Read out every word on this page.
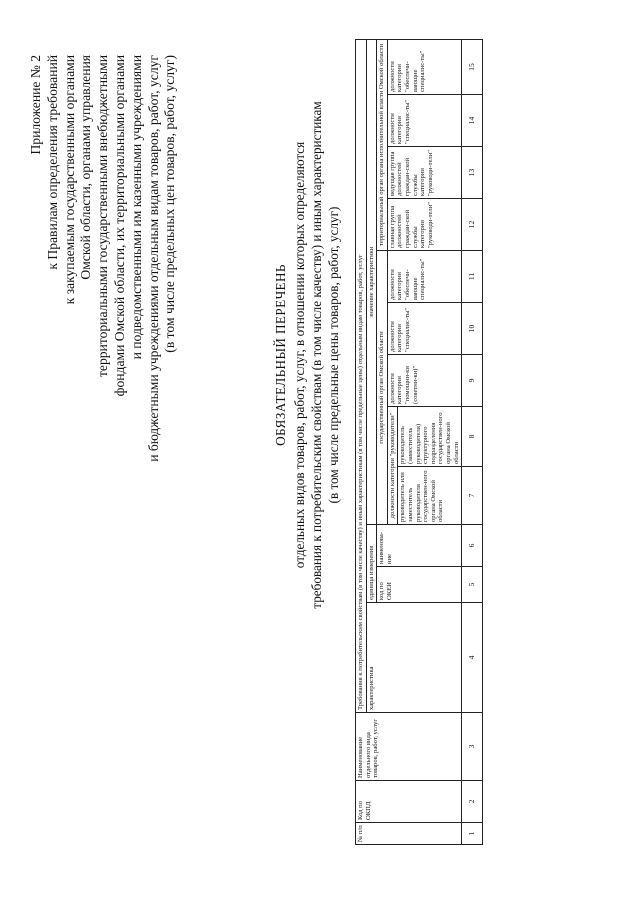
Приложение № 2 к Правилам определения требований к закупаемым государственными органами Омской области, органами управления территориальными государственными внебюджетными фондами Омской области, их территориальными органами и подведомственными им казенными учреждениями и бюджетными учреждениями отдельным видам товаров, работ, услуг (в том числе предельных цен товаров, работ, услуг)
ОБЯЗАТЕЛЬНЫЙ ПЕРЕЧЕНЬ отдельных видов товаров, работ, услуг, в отношении которых определяются требования к потребительским свойствам (в том числе качеству) и иным характеристикам (в том числе предельные цены товаров, работ, услуг)
№ п/п	Код по ОКПД	Наименование отдельного вида товаров, работ, услуг	Требования к потребительским свойствам (в том числе качеству) и иным характеристикам (в том числе предельные цены) отдельным видам товаров, работ, услуг											
			характеристика	единица измерения		значение характеристики								
				код по ОКЕИ	наименова-ние	государственный орган Омской области					территориальный орган органа исполнительной власти Омской области			
						должности категории "руководители"		должности категории "помощни-ки (советни-ки)"	должности категории "специалис-ты"	должности категории "обеспечи-вающие специалис-ты"	главная группа должностей граждан-ской службы категории "руководи-тели"	ведущая группа должностей граждан-ской службы категории "руководи-тели"	должности категории "специалис-ты"	должности категории "обеспечи-вающие специалис-ты"
						руководитель или заместитель руководителя государствен-ного органа Омской области	руководитель (заместитель руководителя) структурного подразделения государствен-ного органа Омской области							
1	2	3	4	5	6	7	8	9	10	11	12	13	14	15
